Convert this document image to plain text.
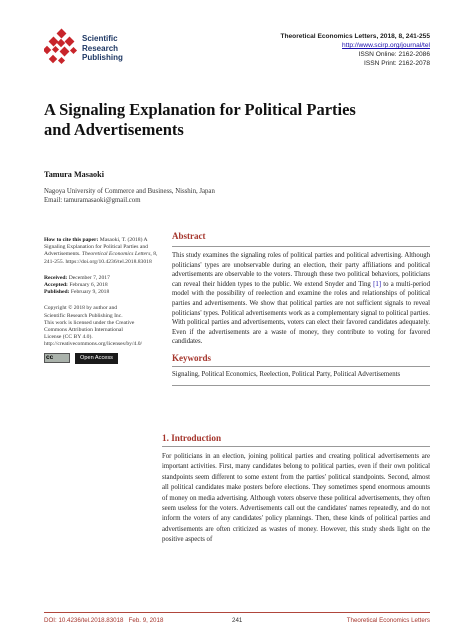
Scientific
Research
Publishing
Theoretical Economics Letters, 2018, 8, 241-255
http://www.scirp.org/journal/tel
ISSN Online: 2162-2086
ISSN Print: 2162-2078
A Signaling Explanation for Political Parties
and Advertisements
Tamura Masaoki
Nagoya University of Commerce and Business, Nisshin, Japan
Email: tamuramasaoki@gmail.com

How to cite this paper: Masaoki, T. (2018) A Signaling Explanation for Political Parties and Advertisements. Theoretical Economics Letters, 8, 241-255. https://doi.org/10.4236/tel.2018.83018

Received: December 7, 2017
Accepted: February 6, 2018
Published: February 9, 2018

Copyright © 2018 by author and
Scientific Research Publishing Inc.
This work is licensed under the Creative
Commons Attribution International
License (CC BY 4.0).
http://creativecommons.org/licenses/by/4.0/

cc	Open Access
Abstract
This study examines the signaling roles of political parties and political advertising. Although politicians' types are unobservable during an election, their party affiliations and political advertisements are observable to the voters. Through these two political behaviors, politicians can reveal their hidden types to the public. We extend Snyder and Ting [1] to a multi-period model with the possibility of reelection and examine the roles and relationships of political parties and advertisements. We show that political parties are not sufficient signals to reveal politicians' types. Political advertisements work as a complementary signal to political parties. With political parties and advertisements, voters can elect their favored candidates adequately. Even if the advertisements are a waste of money, they contribute to voting for favored candidates.
Keywords
Signaling, Political Economics, Reelection, Political Party, Political Advertisements
1. Introduction
For politicians in an election, joining political parties and creating political advertisements are important activities. First, many candidates belong to political parties, even if their own political standpoints seem different to some extent from the parties' political standpoints. Second, almost all political candidates make posters before elections. They sometimes spend enormous amounts of money on media advertising. Although voters observe these political advertisements, they often seem useless for the voters. Advertisements call out the candidates' names repeatedly, and do not inform the voters of any candidates' policy plannings. Then, these kinds of political parties and advertisements are often criticized as wastes of money. However, this study sheds light on the positive aspects of
DOI: 10.4236/tel.2018.83018 Feb. 9, 2018	241	Theoretical Economics Letters
